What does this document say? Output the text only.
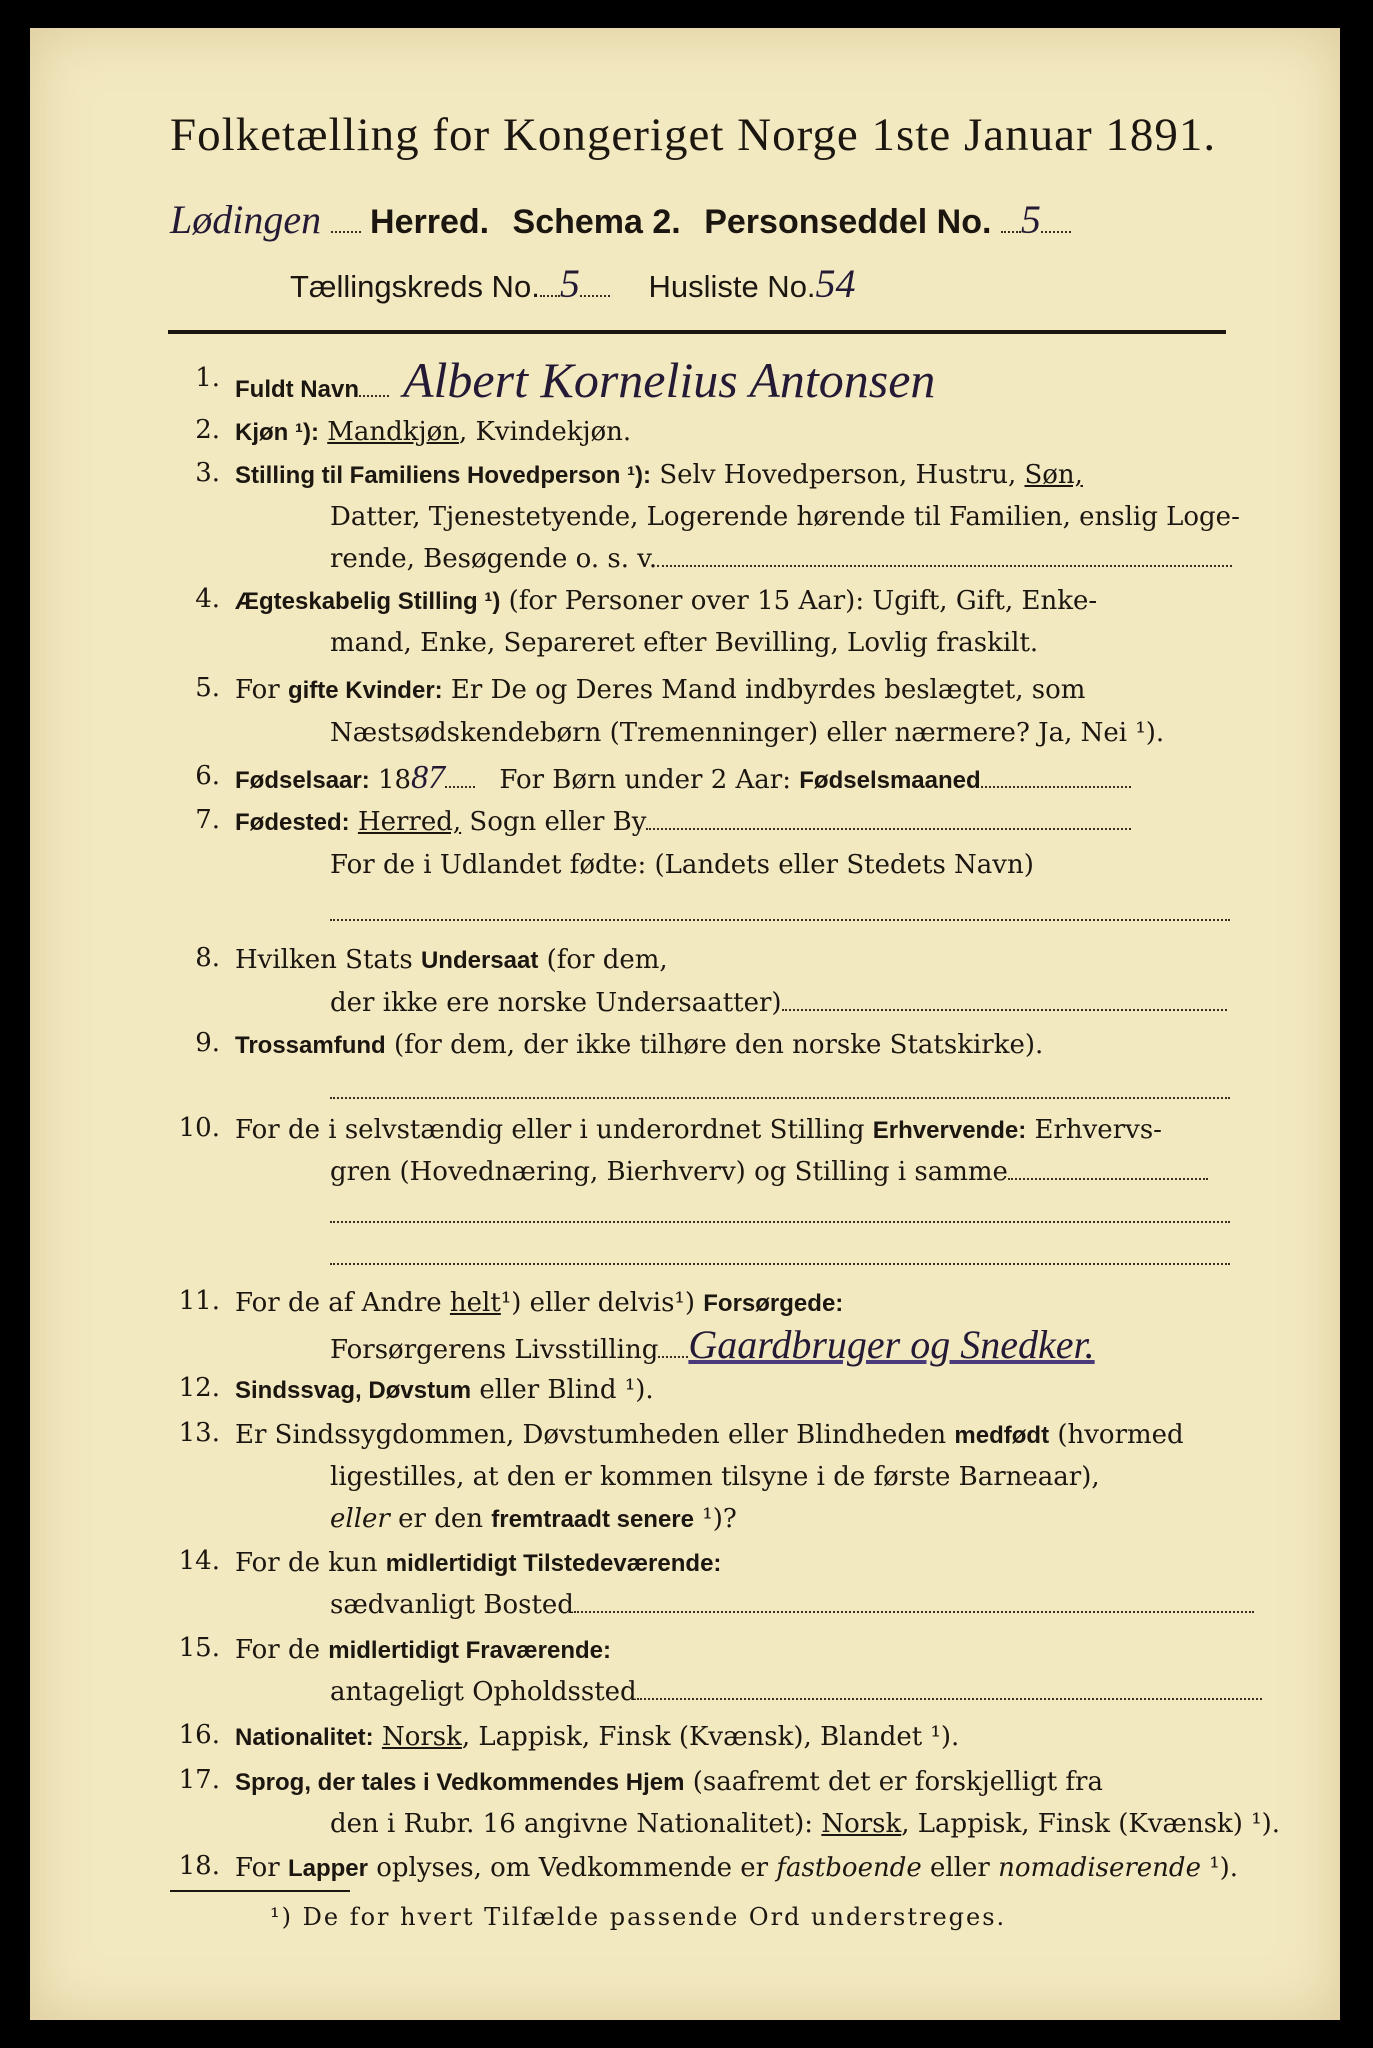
Folketælling for Kongeriget Norge 1ste Januar 1891.
Lødingen Herred. Schema 2. Personseddel No. 5
Tællingskreds No. 5 Husliste No.54
1. Fuldt Navn Albert Kornelius Antonsen
2. Kjøn ¹): Mandkjøn, Kvindekjøn.
3. Stilling til Familiens Hovedperson ¹): Selv Hovedperson, Hustru, Søn,
Datter, Tjenestetyende, Logerende hørende til Familien, enslig Loge-
rende, Besøgende o. s. v.
4. Ægteskabelig Stilling ¹) (for Personer over 15 Aar): Ugift, Gift, Enke-
mand, Enke, Separeret efter Bevilling, Lovlig fraskilt.
5. For gifte Kvinder: Er De og Deres Mand indbyrdes beslægtet, som
Næstsødskendebørn (Tremenninger) eller nærmere? Ja, Nei ¹).
6. Fødselsaar: 1887 For Børn under 2 Aar: Fødselsmaaned
7. Fødested: Herred, Sogn eller By
For de i Udlandet fødte: (Landets eller Stedets Navn)
8. Hvilken Stats Undersaat (for dem,
der ikke ere norske Undersaatter)
9. Trossamfund (for dem, der ikke tilhøre den norske Statskirke).
10. For de i selvstændig eller i underordnet Stilling Erhvervende: Erhvervs-
gren (Hovednæring, Bierhverv) og Stilling i samme
11. For de af Andre helt¹) eller delvis¹) Forsørgede:
Forsørgerens Livsstilling Gaardbruger og Snedker.
12. Sindssvag, Døvstum eller Blind ¹).
13. Er Sindssygdommen, Døvstumheden eller Blindheden medfødt (hvormed
ligestilles, at den er kommen tilsyne i de første Barneaar),
eller er den fremtraadt senere ¹)?
14. For de kun midlertidigt Tilstedeværende:
sædvanligt Bosted
15. For de midlertidigt Fraværende:
antageligt Opholdssted
16. Nationalitet: Norsk, Lappisk, Finsk (Kvænsk), Blandet ¹).
17. Sprog, der tales i Vedkommendes Hjem (saafremt det er forskjelligt fra
den i Rubr. 16 angivne Nationalitet): Norsk, Lappisk, Finsk (Kvænsk) ¹).
18. For Lapper oplyses, om Vedkommende er fastboende eller nomadiserende ¹).
¹) De for hvert Tilfælde passende Ord understreges.
